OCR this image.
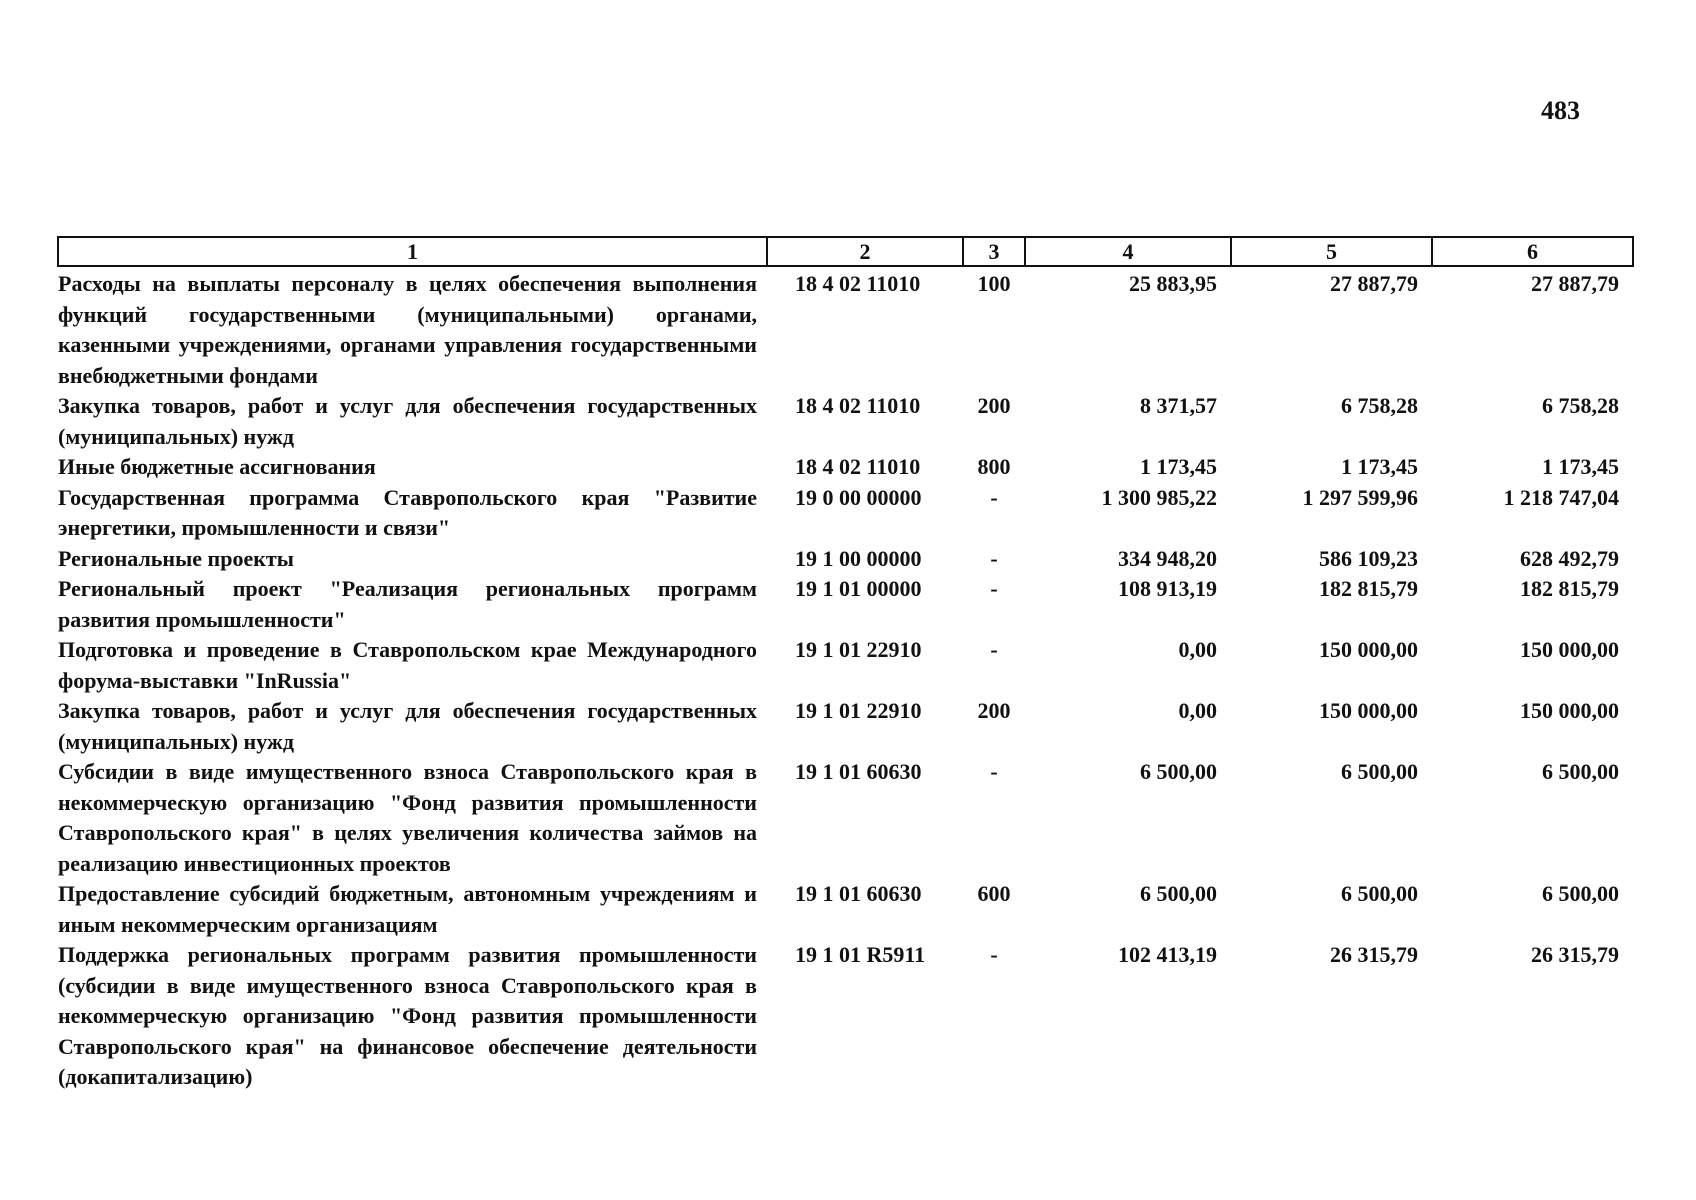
483
1	2	3	4	5	6
Расходы на выплаты персоналу в целях обеспечения выполнения функций государственными (муниципальными) органами, казенными учреждениями, органами управления государственными внебюджетными фондами	18 4 02 11010	100	25 883,95	27 887,79	27 887,79
Закупка товаров, работ и услуг для обеспечения государственных (муниципальных) нужд	18 4 02 11010	200	8 371,57	6 758,28	6 758,28
Иные бюджетные ассигнования	18 4 02 11010	800	1 173,45	1 173,45	1 173,45
Государственная программа Ставропольского края "Развитие энергетики, промышленности и связи"	19 0 00 00000	-	1 300 985,22	1 297 599,96	1 218 747,04
Региональные проекты	19 1 00 00000	-	334 948,20	586 109,23	628 492,79
Региональный проект "Реализация региональных программ развития промышленности"	19 1 01 00000	-	108 913,19	182 815,79	182 815,79
Подготовка и проведение в Ставропольском крае Международного форума-выставки "InRussia"	19 1 01 22910	-	0,00	150 000,00	150 000,00
Закупка товаров, работ и услуг для обеспечения государственных (муниципальных) нужд	19 1 01 22910	200	0,00	150 000,00	150 000,00
Субсидии в виде имущественного взноса Ставропольского края в некоммерческую организацию "Фонд развития промышленности Ставропольского края" в целях увеличения количества займов на реализацию инвестиционных проектов	19 1 01 60630	-	6 500,00	6 500,00	6 500,00
Предоставление субсидий бюджетным, автономным учреждениям и иным некоммерческим организациям	19 1 01 60630	600	6 500,00	6 500,00	6 500,00
Поддержка региональных программ развития промышленности (субсидии в виде имущественного взноса Ставропольского края в некоммерческую организацию "Фонд развития промышленности Ставропольского края" на финансовое обеспечение деятельности (докапитализацию)	19 1 01 R5911	-	102 413,19	26 315,79	26 315,79
